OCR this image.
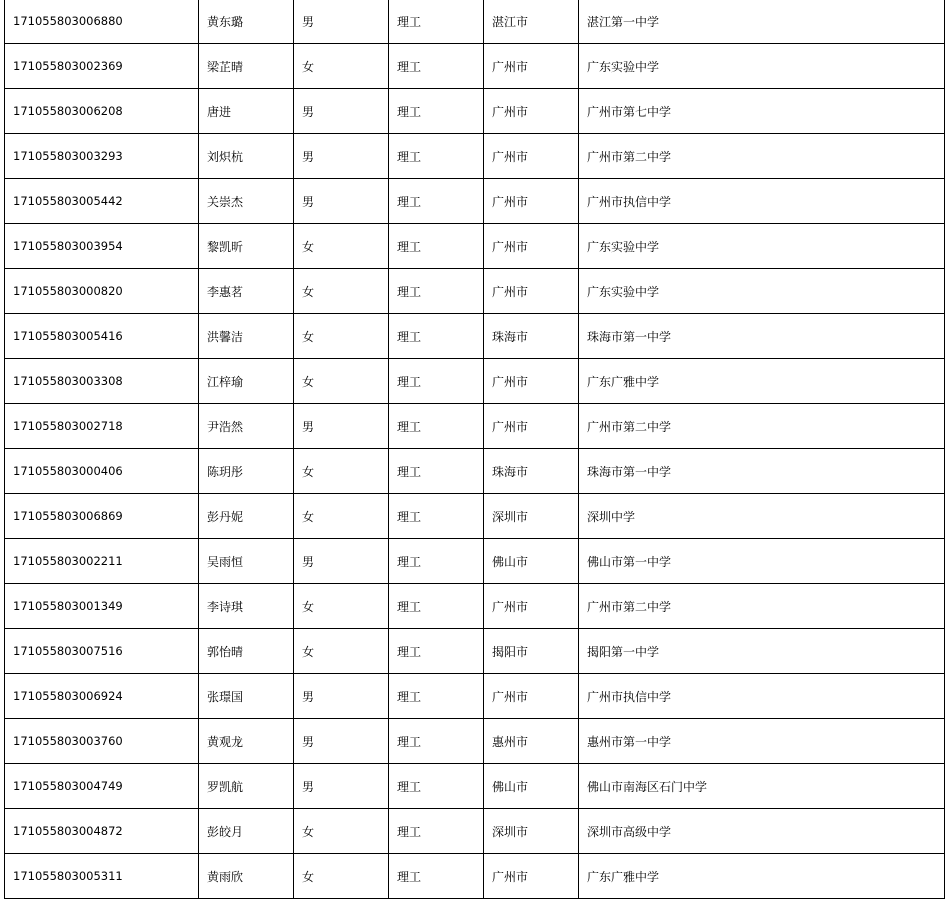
171055803006880	黄东璐	男	理工	湛江市	湛江第一中学
171055803002369	梁芷晴	女	理工	广州市	广东实验中学
171055803006208	唐进	男	理工	广州市	广州市第七中学
171055803003293	刘炽杭	男	理工	广州市	广州市第二中学
171055803005442	关崇杰	男	理工	广州市	广州市执信中学
171055803003954	黎凯昕	女	理工	广州市	广东实验中学
171055803000820	李惠茗	女	理工	广州市	广东实验中学
171055803005416	洪馨洁	女	理工	珠海市	珠海市第一中学
171055803003308	江梓瑜	女	理工	广州市	广东广雅中学
171055803002718	尹浩然	男	理工	广州市	广州市第二中学
171055803000406	陈玥彤	女	理工	珠海市	珠海市第一中学
171055803006869	彭丹妮	女	理工	深圳市	深圳中学
171055803002211	吴雨恒	男	理工	佛山市	佛山市第一中学
171055803001349	李诗琪	女	理工	广州市	广州市第二中学
171055803007516	郭怡晴	女	理工	揭阳市	揭阳第一中学
171055803006924	张璟国	男	理工	广州市	广州市执信中学
171055803003760	黄观龙	男	理工	惠州市	惠州市第一中学
171055803004749	罗凯航	男	理工	佛山市	佛山市南海区石门中学
171055803004872	彭皎月	女	理工	深圳市	深圳市高级中学
171055803005311	黄雨欣	女	理工	广州市	广东广雅中学
